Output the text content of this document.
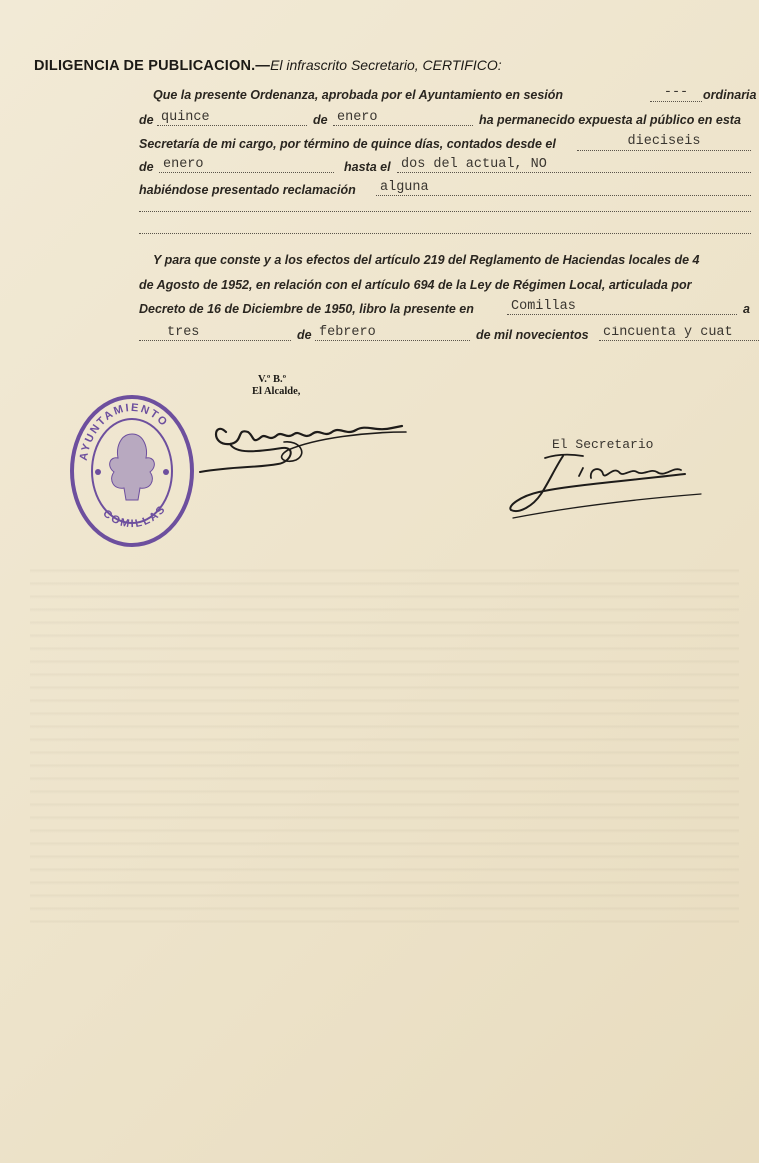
DILIGENCIA DE PUBLICACION.—El infrascrito Secretario, CERTIFICO:
Que la presente Ordenanza, aprobada por el Ayuntamiento en sesión	---	ordinaria
de quince	de enero	ha permanecido expuesta al público en esta
Secretaría de mi cargo, por término de quince días, contados desde el	dieciseis
de enero	hasta el dos del actual, NO
habiéndose presentado reclamación alguna
Y para que conste y a los efectos del artículo 219 del Reglamento de Haciendas locales de 4
de Agosto de 1952, en relación con el artículo 694 de la Ley de Régimen Local, articulada por
Decreto de 16 de Diciembre de 1950, libro la presente en	Comillas	a
tres	de febrero	de mil novecientos cincuenta y cuat
V.º B.º
El Alcalde,
El Secretario
AYUNTAMIENTO
COMILLAS
